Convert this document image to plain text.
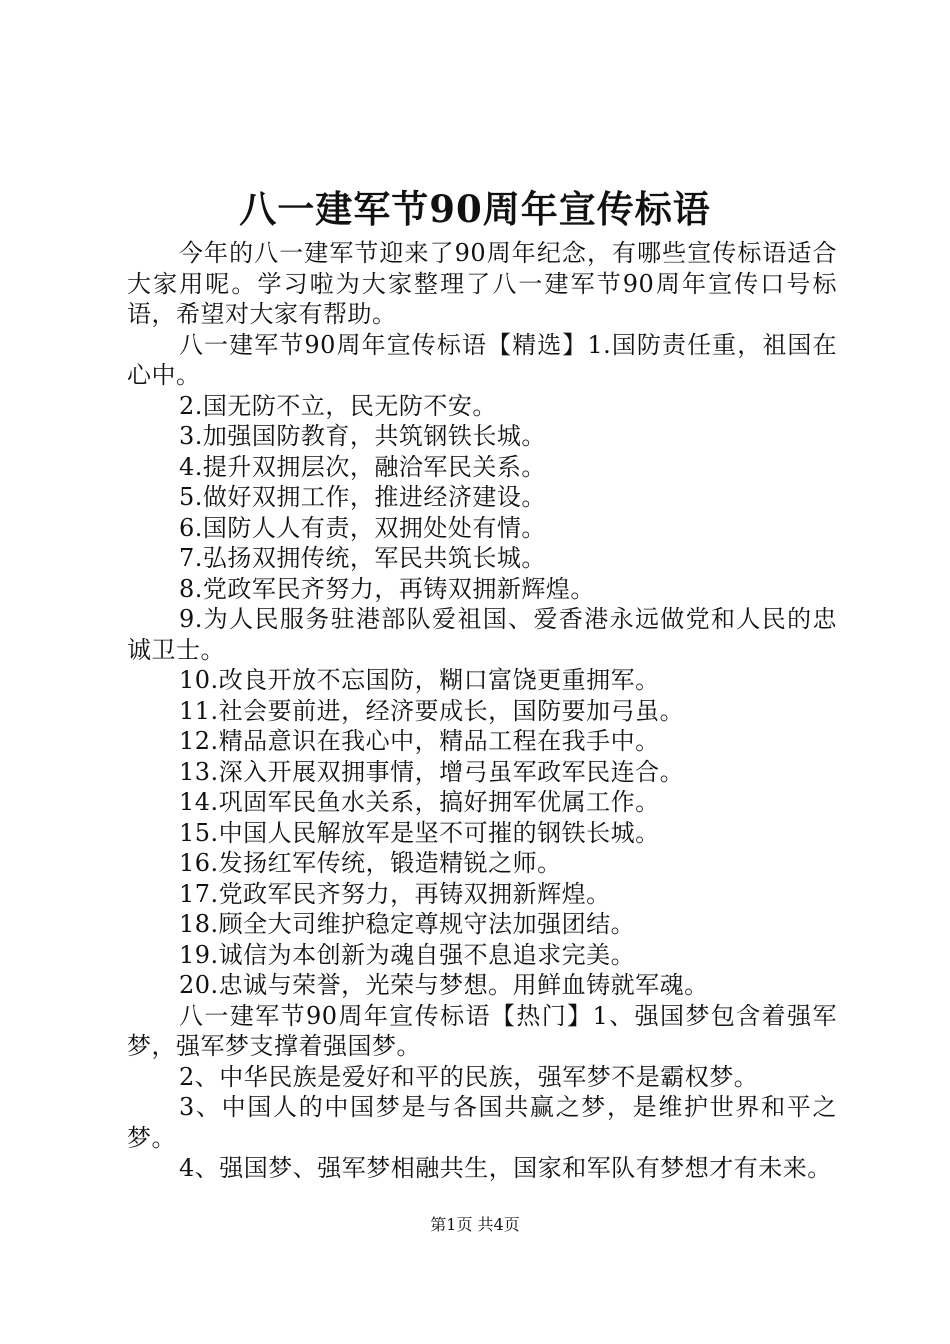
八一建军节90周年宣传标语

今年的八一建军节迎来了90周年纪念，有哪些宣传标语适合大家用呢。学习啦为大家整理了八一建军节90周年宣传口号标语，希望对大家有帮助。

八一建军节90周年宣传标语【精选】1.国防责任重，祖国在心中。

2.国无防不立，民无防不安。

3.加强国防教育，共筑钢铁长城。

4.提升双拥层次，融洽军民关系。

5.做好双拥工作，推进经济建设。

6.国防人人有责，双拥处处有情。

7.弘扬双拥传统，军民共筑长城。

8.党政军民齐努力，再铸双拥新辉煌。

9.为人民服务驻港部队爱祖国、爱香港永远做党和人民的忠诚卫士。

10.改良开放不忘国防，糊口富饶更重拥军。

11.社会要前进，经济要成长，国防要加弓虽。

12.精品意识在我心中，精品工程在我手中。

13.深入开展双拥事情，增弓虽军政军民连合。

14.巩固军民鱼水关系，搞好拥军优属工作。

15.中国人民解放军是坚不可摧的钢铁长城。

16.发扬红军传统，锻造精锐之师。

17.党政军民齐努力，再铸双拥新辉煌。

18.顾全大司维护稳定尊规守法加强团结。

19.诚信为本创新为魂自强不息追求完美。

20.忠诚与荣誉，光荣与梦想。用鲜血铸就军魂。

八一建军节90周年宣传标语【热门】1、强国梦包含着强军梦，强军梦支撑着强国梦。

2、中华民族是爱好和平的民族，强军梦不是霸权梦。

3、中国人的中国梦是与各国共赢之梦，是维护世界和平之梦。

4、强国梦、强军梦相融共生，国家和军队有梦想才有未来。

第1页 共4页
